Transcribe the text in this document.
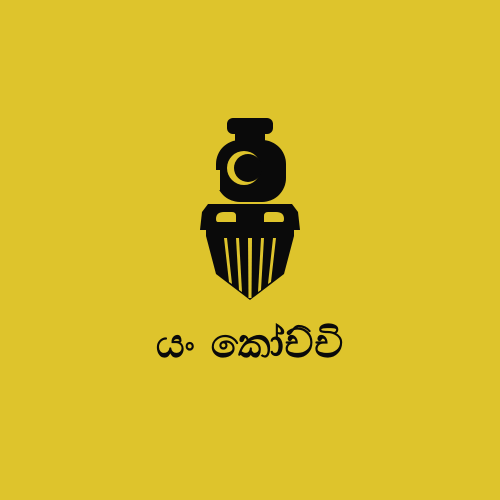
යං කෝච්චි
